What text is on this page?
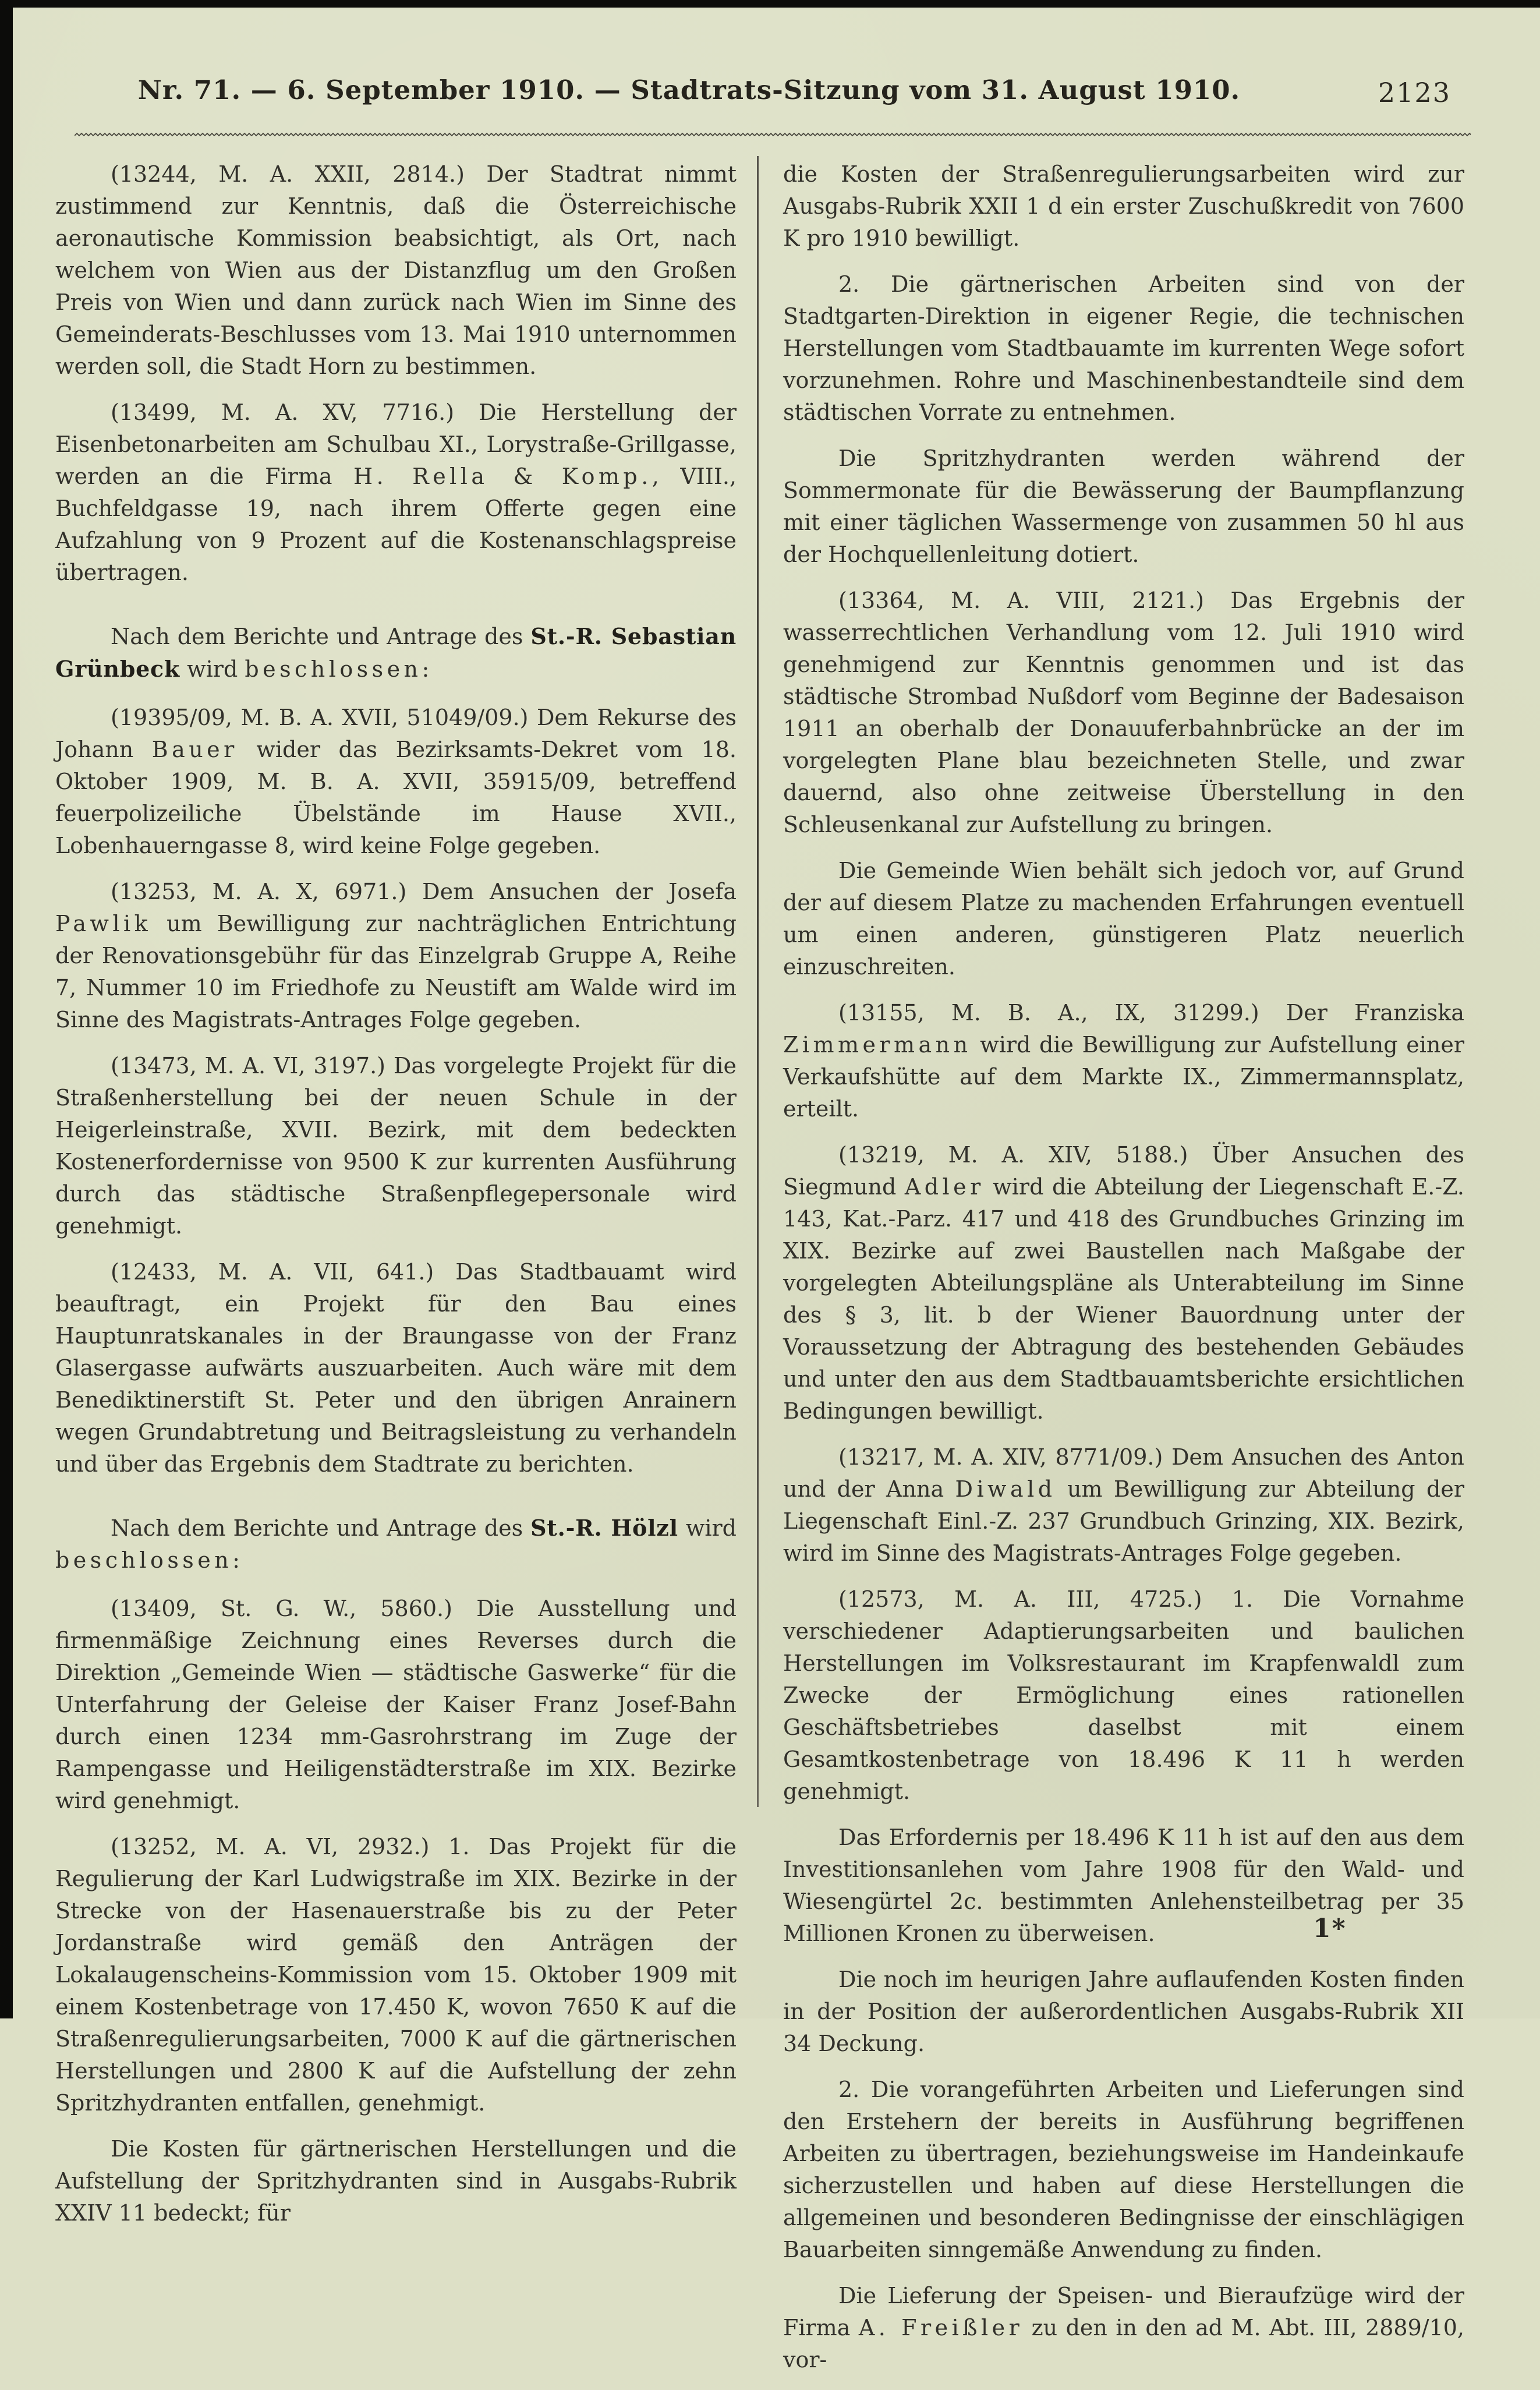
Nr. 71. — 6. September 1910. — Stadtrats-Sitzung vom 31. August 1910.	2123

(13244, M. A. XXII, 2814.) Der Stadtrat nimmt zustimmend zur Kenntnis, daß die Österreichische aeronautische Kommission beabsichtigt, als Ort, nach welchem von Wien aus der Distanzflug um den Großen Preis von Wien und dann zurück nach Wien im Sinne des Gemeinderats-Beschlusses vom 13. Mai 1910 unternommen werden soll, die Stadt Horn zu bestimmen.

(13499, M. A. XV, 7716.) Die Herstellung der Eisenbetonarbeiten am Schulbau XI., Lorystraße-Grillgasse, werden an die Firma H. Rella & Komp., VIII., Buchfeldgasse 19, nach ihrem Offerte gegen eine Aufzahlung von 9 Prozent auf die Kostenanschlagspreise übertragen.

Nach dem Berichte und Antrage des St.-R. Sebastian Grünbeck wird beschlossen:

(19395/09, M. B. A. XVII, 51049/09.) Dem Rekurse des Johann Bauer wider das Bezirksamts-Dekret vom 18. Oktober 1909, M. B. A. XVII, 35915/09, betreffend feuerpolizeiliche Übelstände im Hause XVII., Lobenhauerngasse 8, wird keine Folge gegeben.

(13253, M. A. X, 6971.) Dem Ansuchen der Josefa Pawlik um Bewilligung zur nachträglichen Entrichtung der Renovationsgebühr für das Einzelgrab Gruppe A, Reihe 7, Nummer 10 im Friedhofe zu Neustift am Walde wird im Sinne des Magistrats-Antrages Folge gegeben.

(13473, M. A. VI, 3197.) Das vorgelegte Projekt für die Straßenherstellung bei der neuen Schule in der Heigerleinstraße, XVII. Bezirk, mit dem bedeckten Kostenerfordernisse von 9500 K zur kurrenten Ausführung durch das städtische Straßenpflegepersonale wird genehmigt.

(12433, M. A. VII, 641.) Das Stadtbauamt wird beauftragt, ein Projekt für den Bau eines Hauptunratskanales in der Braungasse von der Franz Glasergasse aufwärts auszuarbeiten. Auch wäre mit dem Benediktinerstift St. Peter und den übrigen Anrainern wegen Grundabtretung und Beitragsleistung zu verhandeln und über das Ergebnis dem Stadtrate zu berichten.

Nach dem Berichte und Antrage des St.-R. Hölzl wird beschlossen:

(13409, St. G. W., 5860.) Die Ausstellung und firmenmäßige Zeichnung eines Reverses durch die Direktion „Gemeinde Wien — städtische Gaswerke“ für die Unterfahrung der Geleise der Kaiser Franz Josef-Bahn durch einen 1234 mm-Gasrohrstrang im Zuge der Rampengasse und Heiligenstädterstraße im XIX. Bezirke wird genehmigt.

(13252, M. A. VI, 2932.) 1. Das Projekt für die Regulierung der Karl Ludwigstraße im XIX. Bezirke in der Strecke von der Hasenauerstraße bis zu der Peter Jordanstraße wird gemäß den Anträgen der Lokalaugenscheins-Kommission vom 15. Oktober 1909 mit einem Kostenbetrage von 17.450 K, wovon 7650 K auf die Straßenregulierungsarbeiten, 7000 K auf die gärtnerischen Herstellungen und 2800 K auf die Aufstellung der zehn Spritzhydranten entfallen, genehmigt.

Die Kosten für gärtnerischen Herstellungen und die Aufstellung der Spritzhydranten sind in Ausgabs-Rubrik XXIV 11 bedeckt; für

die Kosten der Straßenregulierungsarbeiten wird zur Ausgabs-Rubrik XXII 1 d ein erster Zuschußkredit von 7600 K pro 1910 bewilligt.

2. Die gärtnerischen Arbeiten sind von der Stadtgarten-Direktion in eigener Regie, die technischen Herstellungen vom Stadtbauamte im kurrenten Wege sofort vorzunehmen. Rohre und Maschinenbestandteile sind dem städtischen Vorrate zu entnehmen.

Die Spritzhydranten werden während der Sommermonate für die Bewässerung der Baumpflanzung mit einer täglichen Wassermenge von zusammen 50 hl aus der Hochquellenleitung dotiert.

(13364, M. A. VIII, 2121.) Das Ergebnis der wasserrechtlichen Verhandlung vom 12. Juli 1910 wird genehmigend zur Kenntnis genommen und ist das städtische Strombad Nußdorf vom Beginne der Badesaison 1911 an oberhalb der Donauuferbahnbrücke an der im vorgelegten Plane blau bezeichneten Stelle, und zwar dauernd, also ohne zeitweise Überstellung in den Schleusenkanal zur Aufstellung zu bringen.

Die Gemeinde Wien behält sich jedoch vor, auf Grund der auf diesem Platze zu machenden Erfahrungen eventuell um einen anderen, günstigeren Platz neuerlich einzuschreiten.

(13155, M. B. A., IX, 31299.) Der Franziska Zimmermann wird die Bewilligung zur Aufstellung einer Verkaufshütte auf dem Markte IX., Zimmermannsplatz, erteilt.

(13219, M. A. XIV, 5188.) Über Ansuchen des Siegmund Adler wird die Abteilung der Liegenschaft E.-Z. 143, Kat.-Parz. 417 und 418 des Grundbuches Grinzing im XIX. Bezirke auf zwei Baustellen nach Maßgabe der vorgelegten Abteilungspläne als Unterabteilung im Sinne des § 3, lit. b der Wiener Bauordnung unter der Voraussetzung der Abtragung des bestehenden Gebäudes und unter den aus dem Stadtbauamtsberichte ersichtlichen Bedingungen bewilligt.

(13217, M. A. XIV, 8771/09.) Dem Ansuchen des Anton und der Anna Diwald um Bewilligung zur Abteilung der Liegenschaft Einl.-Z. 237 Grundbuch Grinzing, XIX. Bezirk, wird im Sinne des Magistrats-Antrages Folge gegeben.

(12573, M. A. III, 4725.) 1. Die Vornahme verschiedener Adaptierungsarbeiten und baulichen Herstellungen im Volksrestaurant im Krapfenwaldl zum Zwecke der Ermöglichung eines rationellen Geschäftsbetriebes daselbst mit einem Gesamtkostenbetrage von 18.496 K 11 h werden genehmigt.

Das Erfordernis per 18.496 K 11 h ist auf den aus dem Investitionsanlehen vom Jahre 1908 für den Wald- und Wiesengürtel 2c. bestimmten Anlehensteilbetrag per 35 Millionen Kronen zu überweisen.

Die noch im heurigen Jahre auflaufenden Kosten finden in der Position der außerordentlichen Ausgabs-Rubrik XII 34 Deckung.

2. Die vorangeführten Arbeiten und Lieferungen sind den Erstehern der bereits in Ausführung begriffenen Arbeiten zu übertragen, beziehungsweise im Handeinkaufe sicherzustellen und haben auf diese Herstellungen die allgemeinen und besonderen Bedingnisse der einschlägigen Bauarbeiten sinngemäße Anwendung zu finden.

Die Lieferung der Speisen- und Bieraufzüge wird der Firma A. Freißler zu den in den ad M. Abt. III, 2889/10, vor-

1*
